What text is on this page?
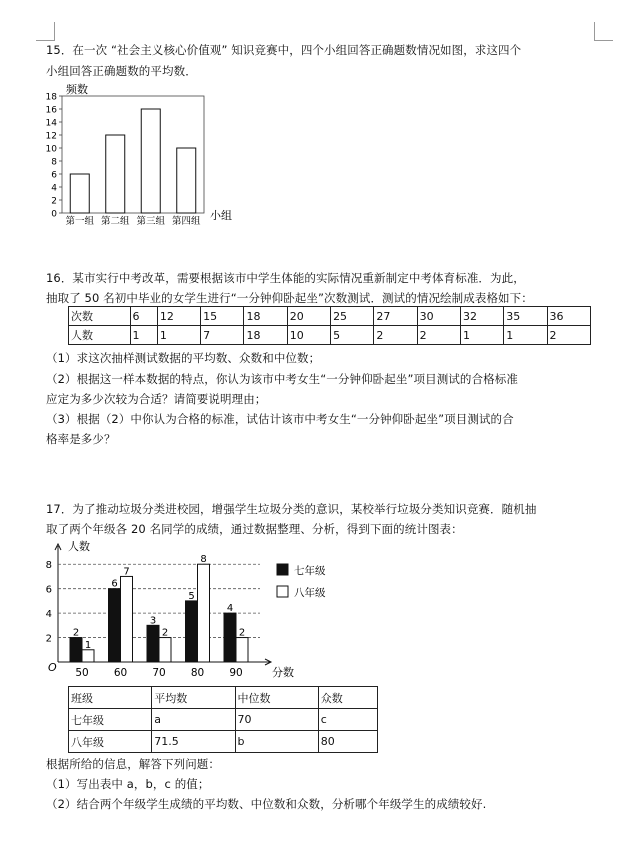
15．在一次 “社会主义核心价值观” 知识竞赛中，四个小组回答正确题数情况如图，求这四个
小组回答正确题数的平均数．
频数
0
2
4
6
8
10
12
14
16
18
第一组 第二组 第三组 第四组 小组
16．某市实行中考改革，需要根据该市中学生体能的实际情况重新制定中考体育标准．为此，
抽取了 50 名初中毕业的女学生进行“一分钟仰卧起坐”次数测试．测试的情况绘制成表格如下：
次数	6	12	15	18	20	25	27	30	32	35	36
人数	1	1	7	18	10	5	2	2	1	1	2
（1）求这次抽样测试数据的平均数、众数和中位数；
（2）根据这一样本数据的特点，你认为该市中考女生“一分钟仰卧起坐”项目测试的合格标准
应定为多少次较为合适？请简要说明理由；
（3）根据（2）中你认为合格的标准，试估计该市中考女生“一分钟仰卧起坐”项目测试的合
格率是多少？
17．为了推动垃圾分类进校园，增强学生垃圾分类的意识，某校举行垃圾分类知识竞赛．随机抽
取了两个年级各 20 名同学的成绩，通过数据整理、分析，得到下面的统计图表：
人数
O
2
4
6
8
2
1
50
6
7
60
3
2
70
5
8
80
4
2
90	分数
七年级
八年级
班级	平均数	中位数	众数
七年级	a	70	c
八年级	71.5	b	80
根据所给的信息，解答下列问题：
（1）写出表中 a，b，c 的值；
（2）结合两个年级学生成绩的平均数、中位数和众数，分析哪个年级学生的成绩较好.
